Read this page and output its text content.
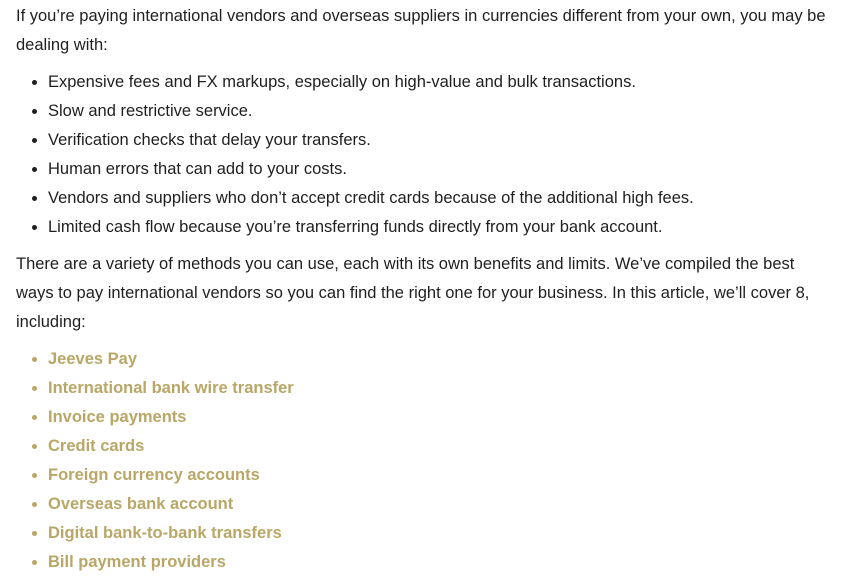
If you’re paying international vendors and overseas suppliers in currencies different from your own, you may be dealing with:

• Expensive fees and FX markups, especially on high-value and bulk transactions.
• Slow and restrictive service.
• Verification checks that delay your transfers.
• Human errors that can add to your costs.
• Vendors and suppliers who don’t accept credit cards because of the additional high fees.
• Limited cash flow because you’re transferring funds directly from your bank account.

There are a variety of methods you can use, each with its own benefits and limits. We’ve compiled the best ways to pay international vendors so you can find the right one for your business. In this article, we’ll cover 8, including:

• Jeeves Pay
• International bank wire transfer
• Invoice payments
• Credit cards
• Foreign currency accounts
• Overseas bank account
• Digital bank-to-bank transfers
• Bill payment providers
